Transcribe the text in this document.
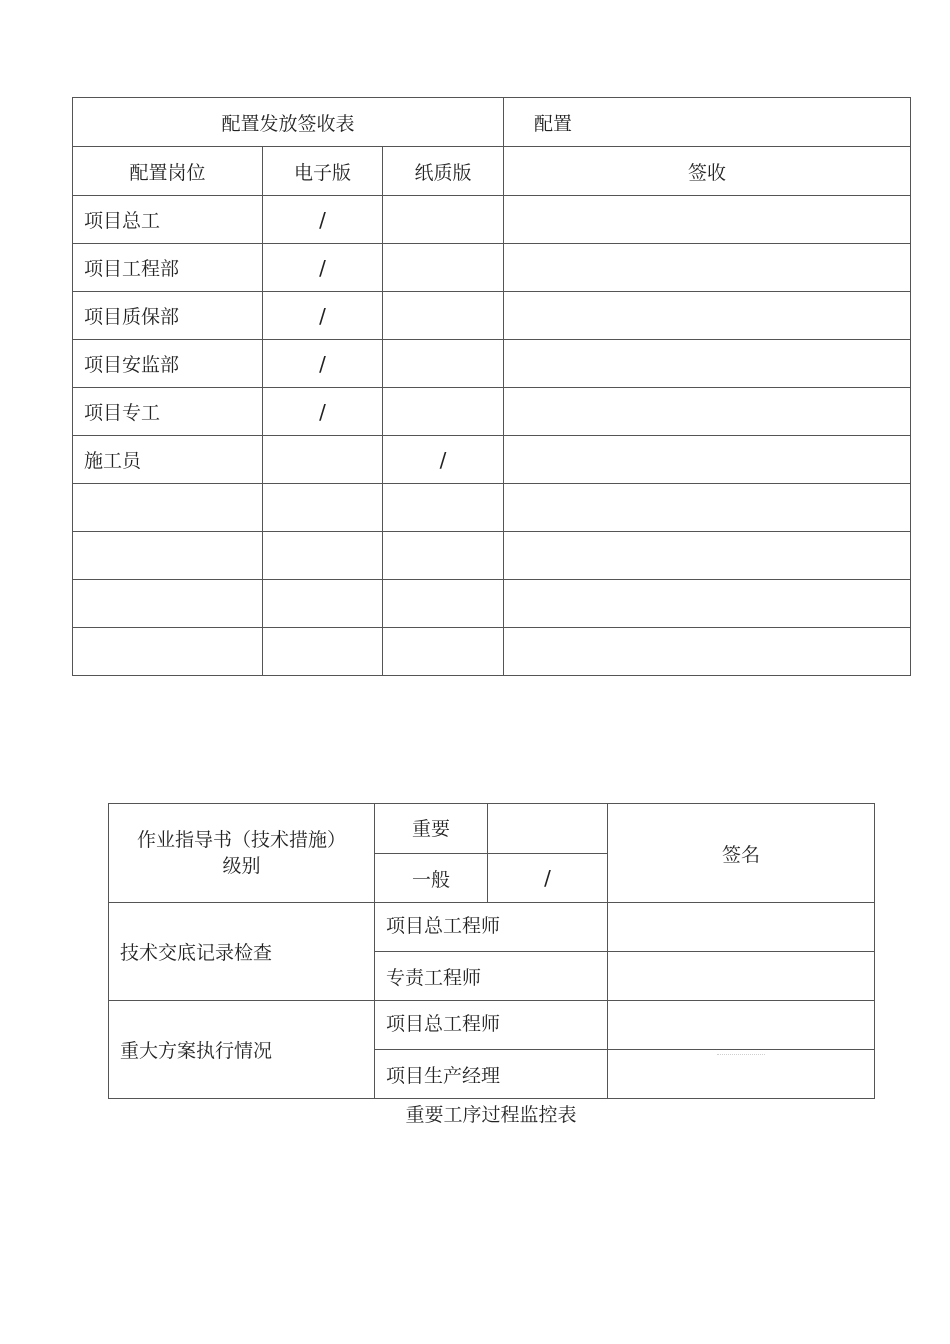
配置发放签收表			配置
配置岗位	电子版	纸质版	签收
项目总工	/		
项目工程部	/		
项目质保部	/		
项目安监部	/		
项目专工	/		
施工员		/	

作业指导书（技术措施）
级别	重要		签名
	一般	/	
技术交底记录检查	项目总工程师		
	专责工程师		
重大方案执行情况	项目总工程师		
	项目生产经理		
重要工序过程监控表
